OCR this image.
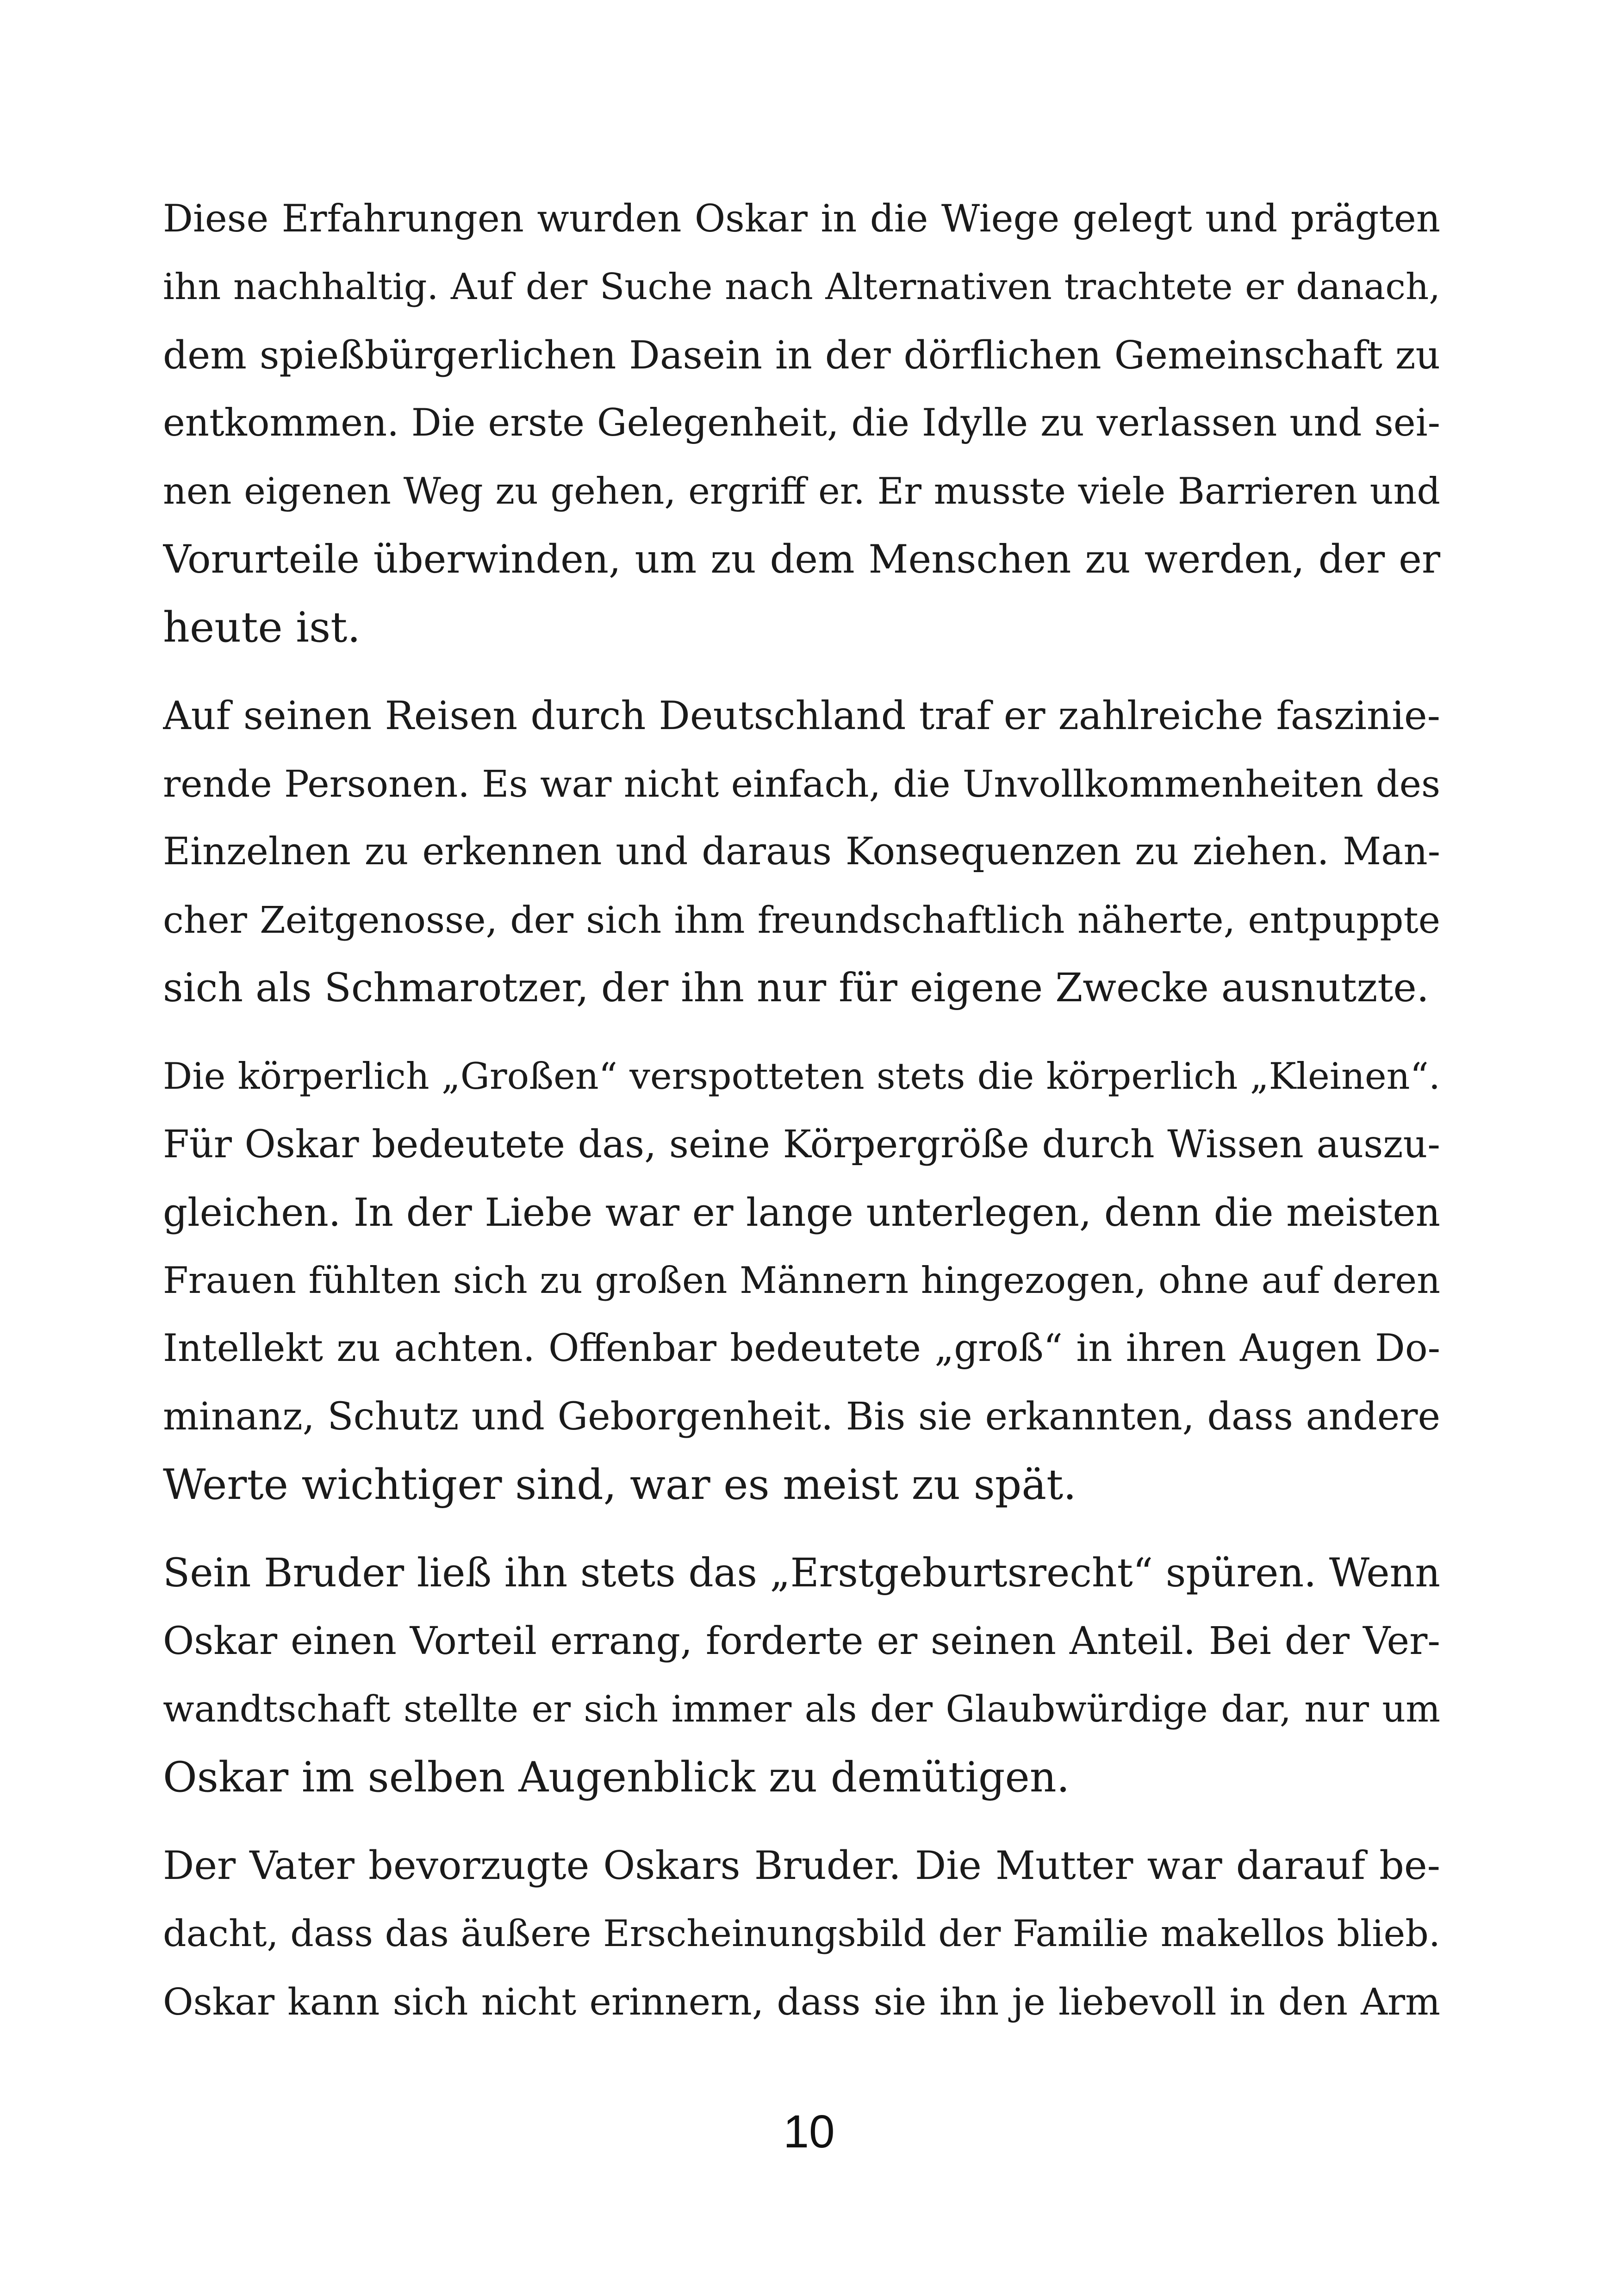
Diese Erfahrungen wurden Oskar in die Wiege gelegt und prägten
ihn nachhaltig. Auf der Suche nach Alternativen trachtete er danach,
dem spießbürgerlichen Dasein in der dörflichen Gemeinschaft zu
entkommen. Die erste Gelegenheit, die Idylle zu verlassen und sei-
nen eigenen Weg zu gehen, ergriff er. Er musste viele Barrieren und
Vorurteile überwinden, um zu dem Menschen zu werden, der er
heute ist.
Auf seinen Reisen durch Deutschland traf er zahlreiche faszinie-
rende Personen. Es war nicht einfach, die Unvollkommenheiten des
Einzelnen zu erkennen und daraus Konsequenzen zu ziehen. Man-
cher Zeitgenosse, der sich ihm freundschaftlich näherte, entpuppte
sich als Schmarotzer, der ihn nur für eigene Zwecke ausnutzte.
Die körperlich „Großen“ verspotteten stets die körperlich „Kleinen“.
Für Oskar bedeutete das, seine Körpergröße durch Wissen auszu-
gleichen. In der Liebe war er lange unterlegen, denn die meisten
Frauen fühlten sich zu großen Männern hingezogen, ohne auf deren
Intellekt zu achten. Offenbar bedeutete „groß“ in ihren Augen Do-
minanz, Schutz und Geborgenheit. Bis sie erkannten, dass andere
Werte wichtiger sind, war es meist zu spät.
Sein Bruder ließ ihn stets das „Erstgeburtsrecht“ spüren. Wenn
Oskar einen Vorteil errang, forderte er seinen Anteil. Bei der Ver-
wandtschaft stellte er sich immer als der Glaubwürdige dar, nur um
Oskar im selben Augenblick zu demütigen.
Der Vater bevorzugte Oskars Bruder. Die Mutter war darauf be-
dacht, dass das äußere Erscheinungsbild der Familie makellos blieb.
Oskar kann sich nicht erinnern, dass sie ihn je liebevoll in den Arm
10
